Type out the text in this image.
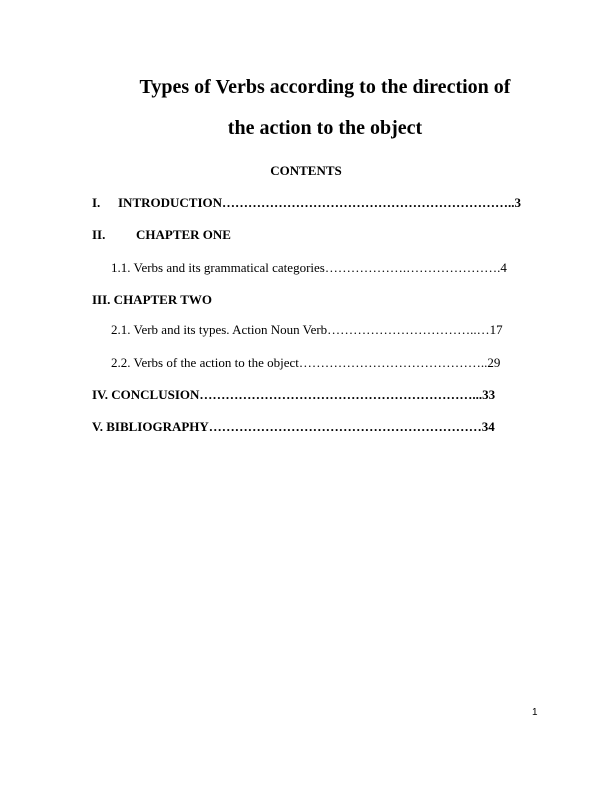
Types of Verbs according to the direction of
the action to the object
CONTENTS
I. INTRODUCTION…………………………………………………………..3
II. CHAPTER ONE
1.1. Verbs and its grammatical categories……………….………………….4
III. CHAPTER TWO
2.1. Verb and its types. Action Noun Verb……………………………..…17
2.2. Verbs of the action to the object……………………………………..29
IV. CONCLUSION………………………………………………………...33
V. BIBLIOGRAPHY………………………………………………………34
1
